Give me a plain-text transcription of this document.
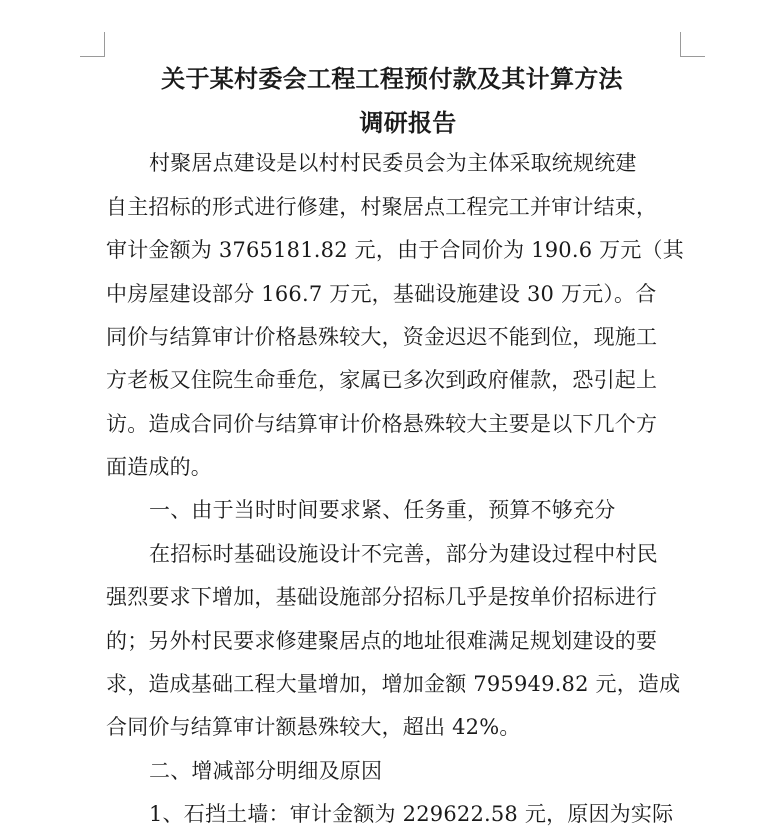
关于某村委会工程工程预付款及其计算方法
调研报告
村聚居点建设是以村村民委员会为主体采取统规统建
自主招标的形式进行修建，村聚居点工程完工并审计结束，
审计金额为 3765181.82 元，由于合同价为 190.6 万元（其
中房屋建设部分 166.7 万元，基础设施建设 30 万元）。合
同价与结算审计价格悬殊较大，资金迟迟不能到位，现施工
方老板又住院生命垂危，家属已多次到政府催款，恐引起上
访。造成合同价与结算审计价格悬殊较大主要是以下几个方
面造成的。
一、由于当时时间要求紧、任务重，预算不够充分
在招标时基础设施设计不完善，部分为建设过程中村民
强烈要求下增加，基础设施部分招标几乎是按单价招标进行
的；另外村民要求修建聚居点的地址很难满足规划建设的要
求，造成基础工程大量增加，增加金额 795949.82 元，造成
合同价与结算审计额悬殊较大，超出 42%。
二、增减部分明细及原因
1、石挡土墙：审计金额为 229622.58 元，原因为实际
